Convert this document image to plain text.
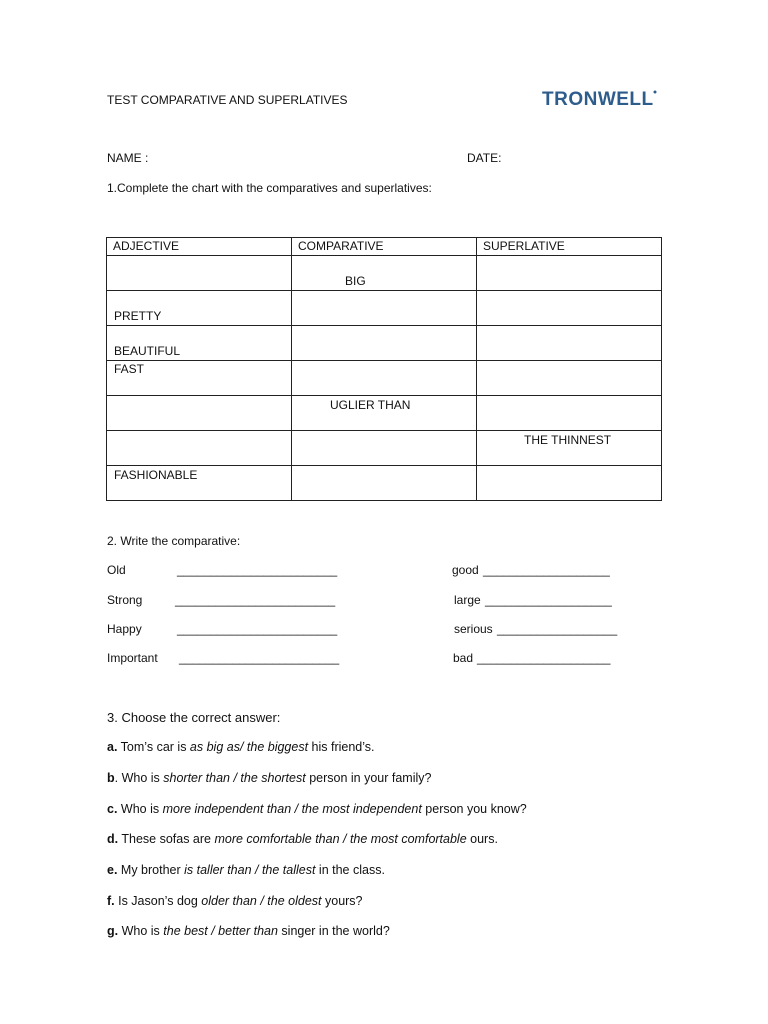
TEST COMPARATIVE AND SUPERLATIVES	TRONWELL
NAME :	DATE:
1.Complete the chart with the comparatives and superlatives:
ADJECTIVE	COMPARATIVE	SUPERLATIVE

	BIG	

PRETTY		

BEAUTIFUL		

FAST		

	UGLIER THAN	

		THE THINNEST

FASHIONABLE		

2. Write the comparative:
Old	________________________
Strong	________________________
Happy	________________________
Important ________________________
good ___________________
large ___________________
serious __________________
bad ____________________
3. Choose the correct answer:
a. Tom’s car is as big as/ the biggest his friend’s.
b. Who is shorter than / the shortest person in your family?
c. Who is more independent than / the most independent person you know?
d. These sofas are more comfortable than / the most comfortable ours.
e. My brother is taller than / the tallest in the class.
f. Is Jason’s dog older than / the oldest yours?
g. Who is the best / better than singer in the world?
